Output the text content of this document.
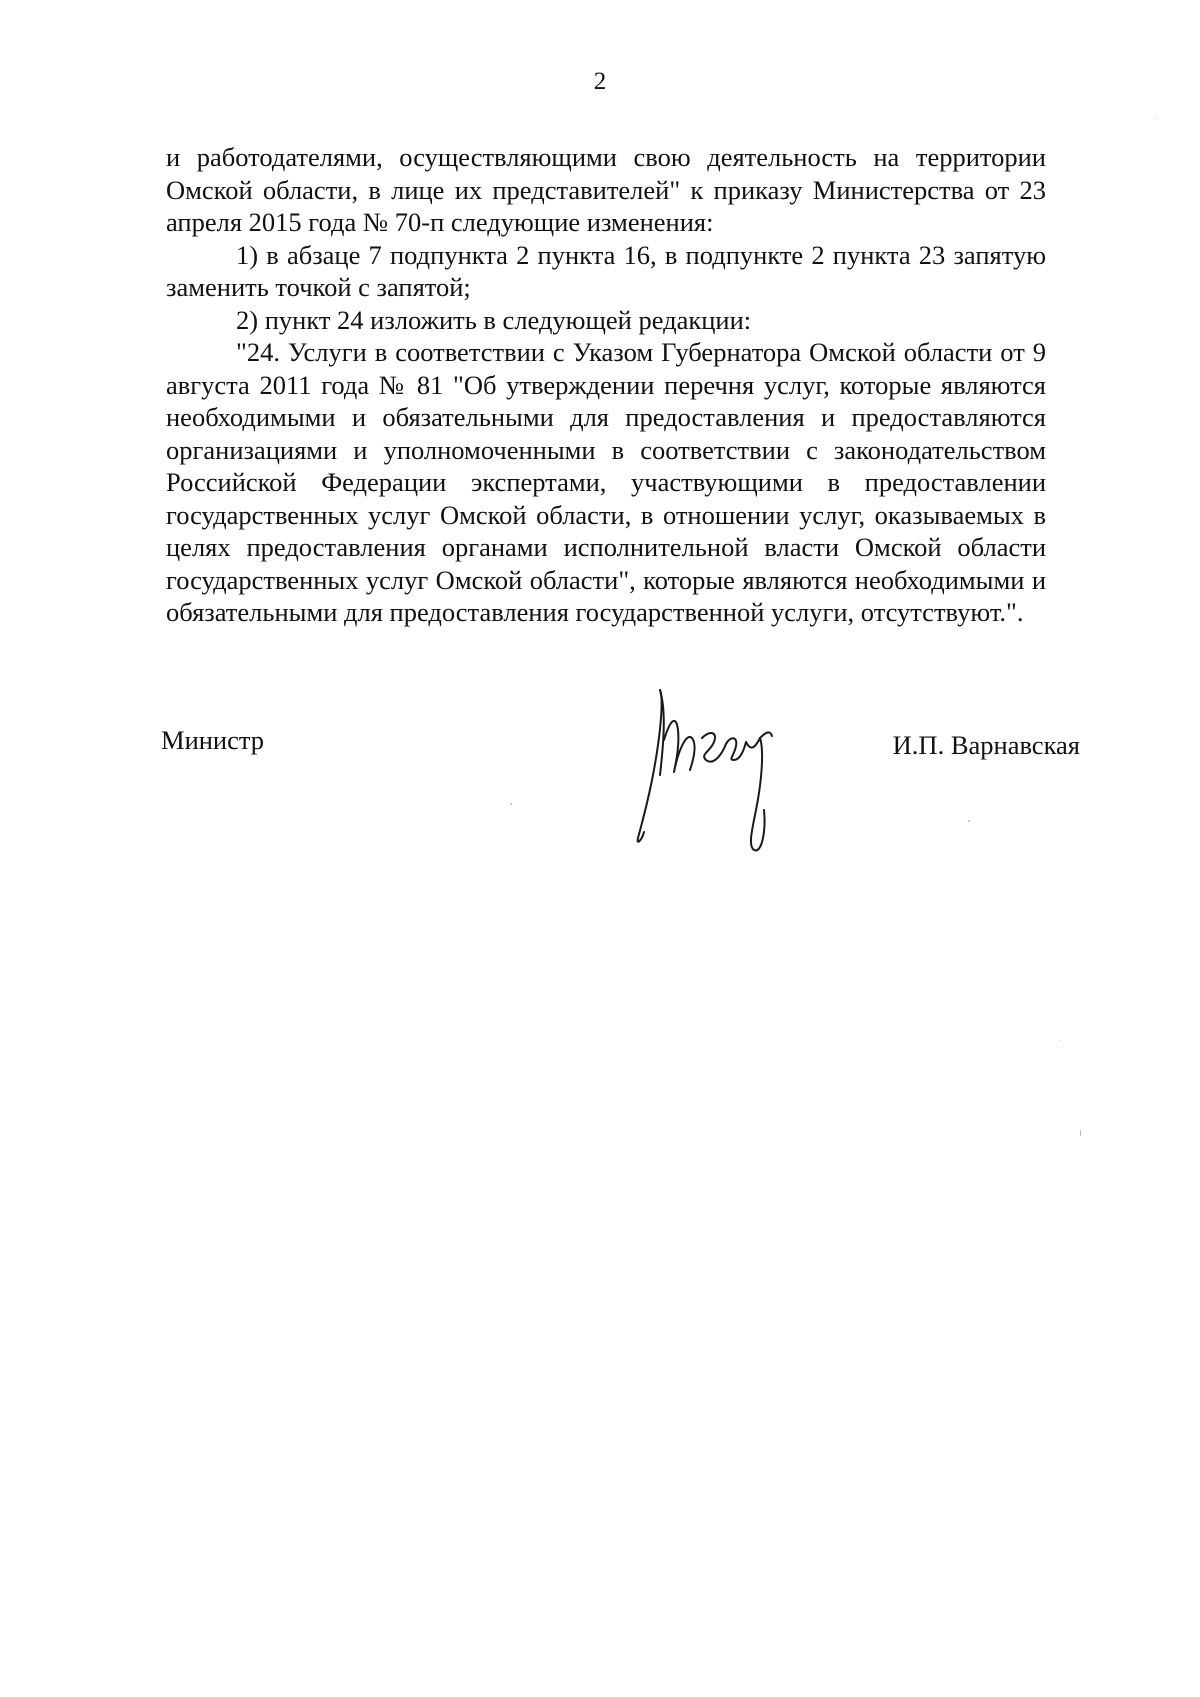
2

и работодателями, осуществляющими свою деятельность на территории Омской области, в лице их представителей" к приказу Министерства от 23 апреля 2015 года № 70-п следующие изменения:

1) в абзаце 7 подпункта 2 пункта 16, в подпункте 2 пункта 23 запятую заменить точкой с запятой;

2) пункт 24 изложить в следующей редакции:

"24. Услуги в соответствии с Указом Губернатора Омской области от 9 августа 2011 года № 81 "Об утверждении перечня услуг, которые являются необходимыми и обязательными для предоставления и предоставляются организациями и уполномоченными в соответствии с законодательством Российской Федерации экспертами, участвующими в предоставлении государственных услуг Омской области, в отношении услуг, оказываемых в целях предоставления органами исполнительной власти Омской области государственных услуг Омской области", которые являются необходимыми и обязательными для предоставления государственной услуги, отсутствуют.".

Министр	И.П. Варнавская
